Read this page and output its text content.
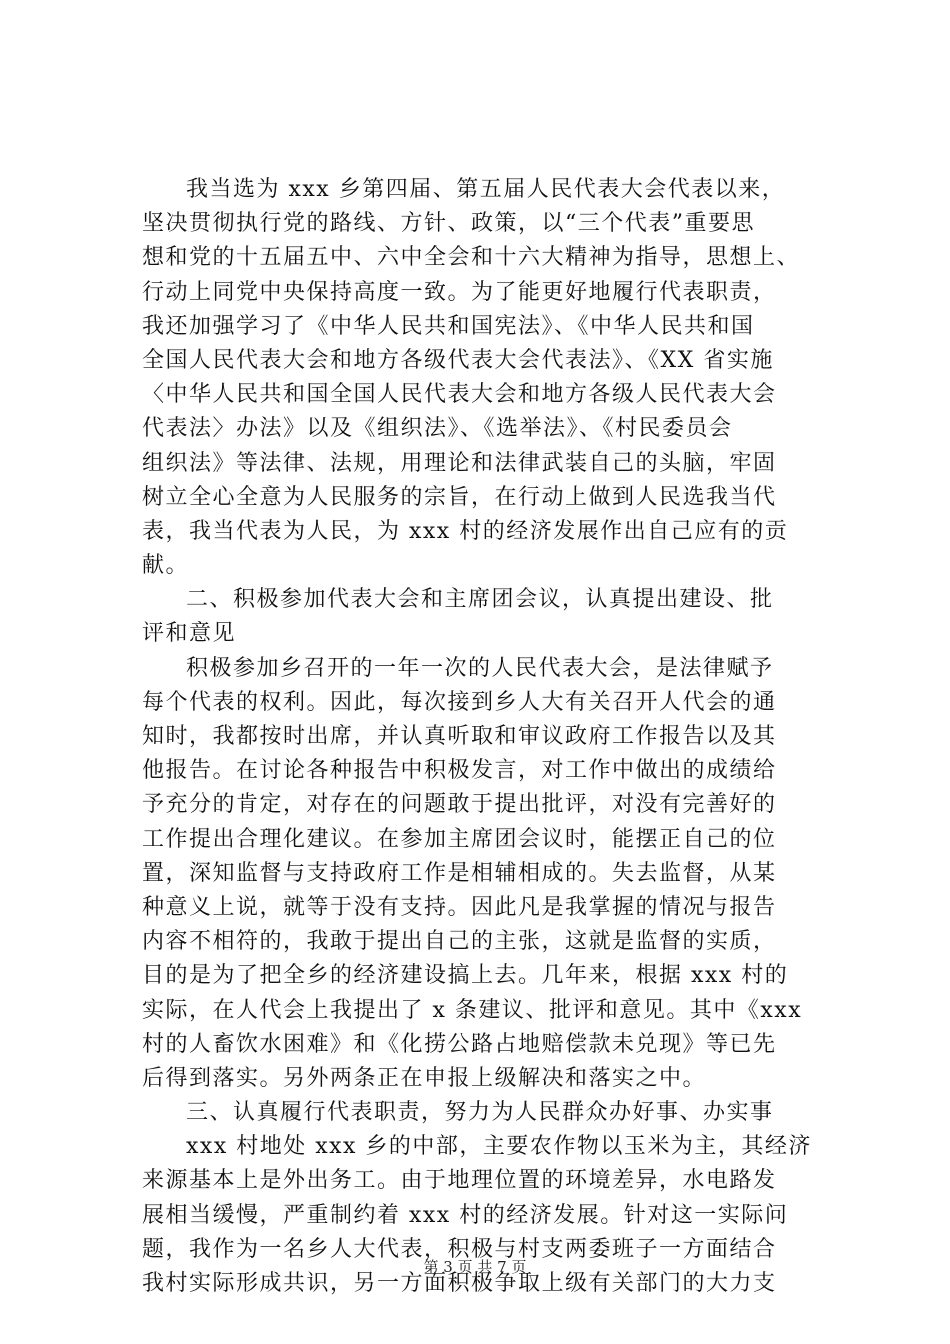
我当选为 xxx 乡第四届、第五届人民代表大会代表以来，
坚决贯彻执行党的路线、方针、政策，以“三个代表”重要思
想和党的十五届五中、六中全会和十六大精神为指导，思想上、
行动上同党中央保持高度一致。为了能更好地履行代表职责，
我还加强学习了《中华人民共和国宪法》、《中华人民共和国
全国人民代表大会和地方各级代表大会代表法》、《XX 省实施
〈中华人民共和国全国人民代表大会和地方各级人民代表大会
代表法〉办法》以及《组织法》、《选举法》、《村民委员会
组织法》等法律、法规，用理论和法律武装自己的头脑，牢固
树立全心全意为人民服务的宗旨，在行动上做到人民选我当代
表，我当代表为人民，为 xxx 村的经济发展作出自己应有的贡
献。
二、积极参加代表大会和主席团会议，认真提出建设、批
评和意见
积极参加乡召开的一年一次的人民代表大会，是法律赋予
每个代表的权利。因此，每次接到乡人大有关召开人代会的通
知时，我都按时出席，并认真听取和审议政府工作报告以及其
他报告。在讨论各种报告中积极发言，对工作中做出的成绩给
予充分的肯定，对存在的问题敢于提出批评，对没有完善好的
工作提出合理化建议。在参加主席团会议时，能摆正自己的位
置，深知监督与支持政府工作是相辅相成的。失去监督，从某
种意义上说，就等于没有支持。因此凡是我掌握的情况与报告
内容不相符的，我敢于提出自己的主张，这就是监督的实质，
目的是为了把全乡的经济建设搞上去。几年来，根据 xxx 村的
实际，在人代会上我提出了 x 条建议、批评和意见。其中《xxx
村的人畜饮水困难》和《化捞公路占地赔偿款未兑现》等已先
后得到落实。另外两条正在申报上级解决和落实之中。
三、认真履行代表职责，努力为人民群众办好事、办实事
xxx 村地处 xxx 乡的中部，主要农作物以玉米为主，其经济
来源基本上是外出务工。由于地理位置的环境差异，水电路发
展相当缓慢，严重制约着 xxx 村的经济发展。针对这一实际问
题，我作为一名乡人大代表，积极与村支两委班子一方面结合
我村实际形成共识，另一方面积极争取上级有关部门的大力支
第 3 页 共 7 页
